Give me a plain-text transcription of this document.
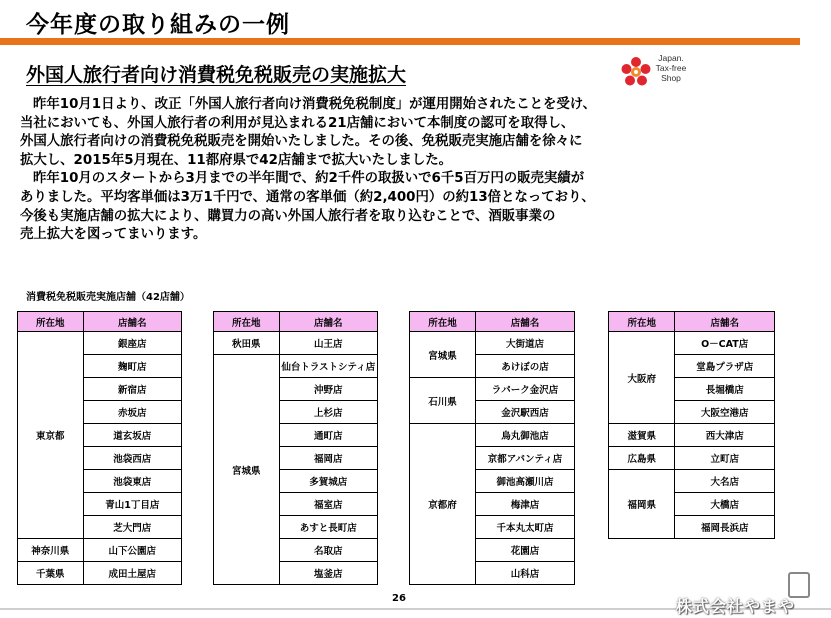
今年度の取り組みの一例
外国人旅行者向け消費税免税販売の実施拡大
Japan.
Tax-free
Shop

昨年10月1日より、改正「外国人旅行者向け消費税免税制度」が運用開始されたことを受け、

当社においても、外国人旅行者の利用が見込まれる21店舗において本制度の認可を取得し、

外国人旅行者向けの消費税免税販売を開始いたしました。その後、免税販売実施店舗を徐々に

拡大し、2015年5月現在、11都府県で42店舗まで拡大いたしました。

昨年10月のスタートから3月までの半年間で、約2千件の取扱いで6千5百万円の販売実績が

ありました。平均客単価は3万1千円で、通常の客単価（約2,400円）の約13倍となっており、

今後も実施店舗の拡大により、購買力の高い外国人旅行者を取り込むことで、酒販事業の

売上拡大を図ってまいります。

消費税免税販売実施店舗（42店舗）
所在地	店舗名
東京都	銀座店
	麹町店
	新宿店
	赤坂店
	道玄坂店
	池袋西店
	池袋東店
	青山1丁目店
	芝大門店
神奈川県	山下公園店
千葉県	成田土屋店
所在地	店舗名
秋田県	山王店
宮城県	仙台トラストシティ店
	沖野店
	上杉店
	通町店
	福岡店
	多賀城店
	福室店
	あすと長町店
	名取店
	塩釜店
所在地	店舗名
宮城県	大街道店
	あけぼの店
石川県	ラパーク金沢店
	金沢駅西店
京都府	烏丸御池店
	京都アバンティ店
	御池高瀬川店
	梅津店
	千本丸太町店
	花園店
	山科店
所在地	店舗名
大阪府	O－CAT店
	堂島プラザ店
	長堀橋店
	大阪空港店
滋賀県	西大津店
広島県	立町店
福岡県	大名店
	大橋店
	福岡長浜店
26	株式会社やまや
